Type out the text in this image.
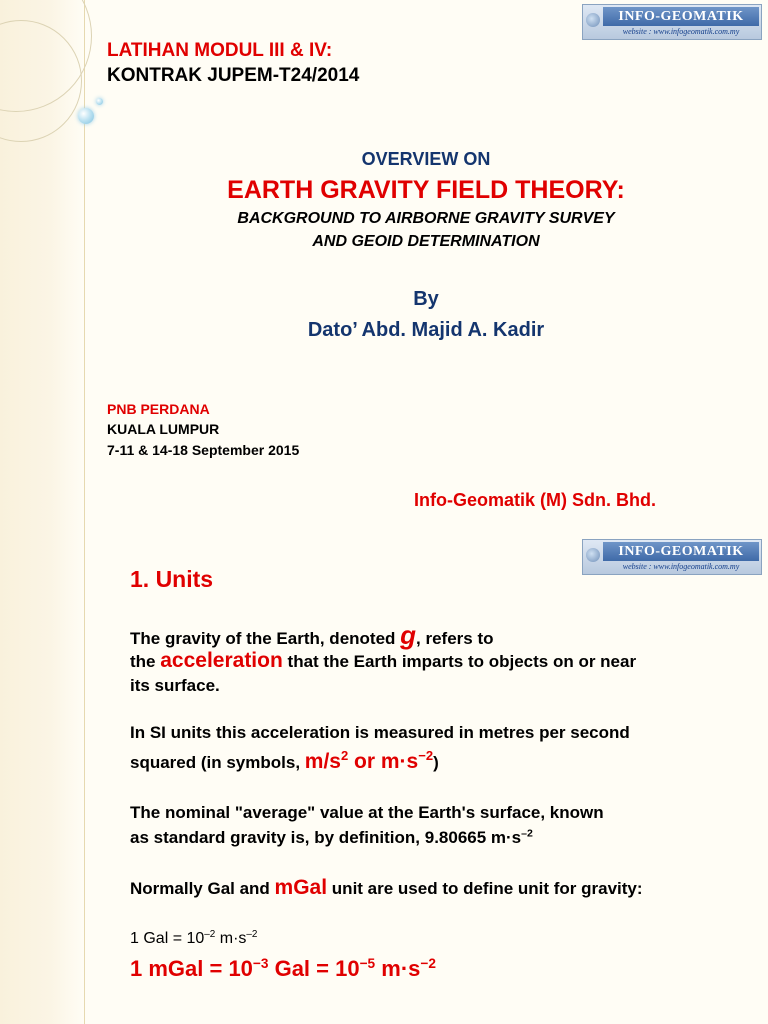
INFO-GEOMATIK
website : www.infogeomatik.com.my
LATIHAN MODUL III & IV:
KONTRAK JUPEM-T24/2014
OVERVIEW ON
EARTH GRAVITY FIELD THEORY:
BACKGROUND TO AIRBORNE GRAVITY SURVEY
AND GEOID DETERMINATION
By
Dato’ Abd. Majid A. Kadir
PNB PERDANA
KUALA LUMPUR
7-11 & 14-18 September 2015
Info-Geomatik (M) Sdn. Bhd.
INFO-GEOMATIK
website : www.infogeomatik.com.my
1. Units
The gravity of the Earth, denoted g, refers to
the acceleration that the Earth imparts to objects on or near
its surface.
In SI units this acceleration is measured in metres per second
squared (in symbols, $m/s^2$ or $m\cdot s^{-2}$)
The nominal "average" value at the Earth's surface, known
as standard gravity is, by definition, 9.80665 $m\cdot s^{-2}$
Normally Gal and mGal unit are used to define unit for gravity:
1 Gal = $10^{-2}$ $m\cdot s^{-2}$
1 mGal = $10^{-3}$ Gal = $10^{-5}$ $m\cdot s^{-2}$
